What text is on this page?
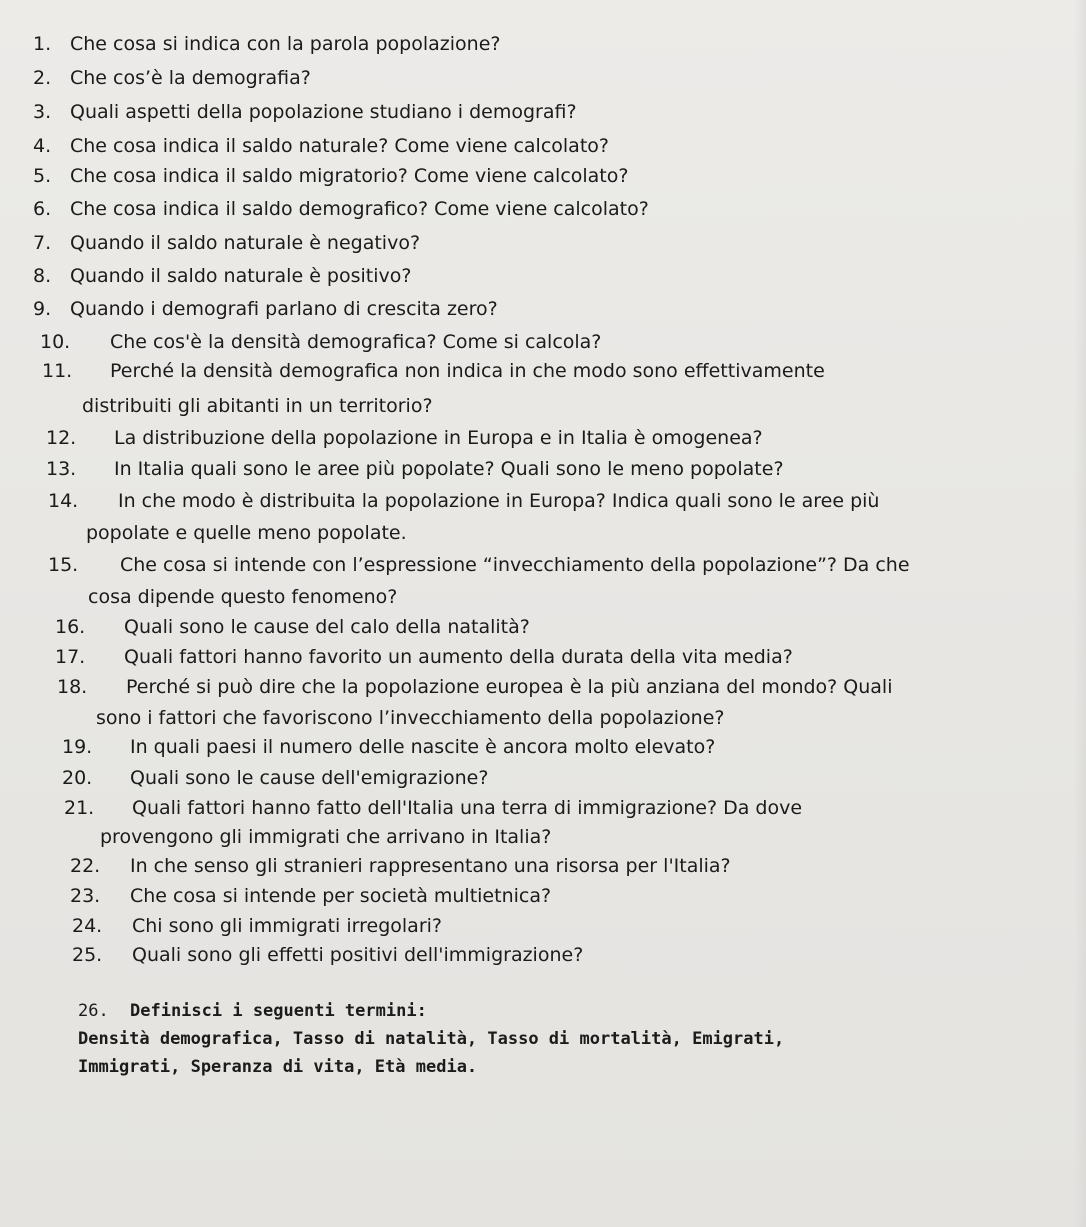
1. Che cosa si indica con la parola popolazione?
2. Che cos’è la demografia?
3. Quali aspetti della popolazione studiano i demografi?
4. Che cosa indica il saldo naturale? Come viene calcolato?
5. Che cosa indica il saldo migratorio? Come viene calcolato?
6. Che cosa indica il saldo demografico? Come viene calcolato?
7. Quando il saldo naturale è negativo?
8. Quando il saldo naturale è positivo?
9. Quando i demografi parlano di crescita zero?
10. Che cos'è la densità demografica? Come si calcola?
11. Perché la densità demografica non indica in che modo sono effettivamente
distribuiti gli abitanti in un territorio?
12. La distribuzione della popolazione in Europa e in Italia è omogenea?
13. In Italia quali sono le aree più popolate? Quali sono le meno popolate?
14. In che modo è distribuita la popolazione in Europa? Indica quali sono le aree più
popolate e quelle meno popolate.
15. Che cosa si intende con l’espressione “invecchiamento della popolazione”? Da che
cosa dipende questo fenomeno?
16. Quali sono le cause del calo della natalità?
17. Quali fattori hanno favorito un aumento della durata della vita media?
18. Perché si può dire che la popolazione europea è la più anziana del mondo? Quali
sono i fattori che favoriscono l’invecchiamento della popolazione?
19. In quali paesi il numero delle nascite è ancora molto elevato?
20. Quali sono le cause dell'emigrazione?
21. Quali fattori hanno fatto dell'Italia una terra di immigrazione? Da dove
provengono gli immigrati che arrivano in Italia?
22. In che senso gli stranieri rappresentano una risorsa per l'Italia?
23. Che cosa si intende per società multietnica?
24. Chi sono gli immigrati irregolari?
25. Quali sono gli effetti positivi dell'immigrazione?
26. Definisci i seguenti termini:
Densità demografica, Tasso di natalità, Tasso di mortalità, Emigrati,
Immigrati, Speranza di vita, Età media.
